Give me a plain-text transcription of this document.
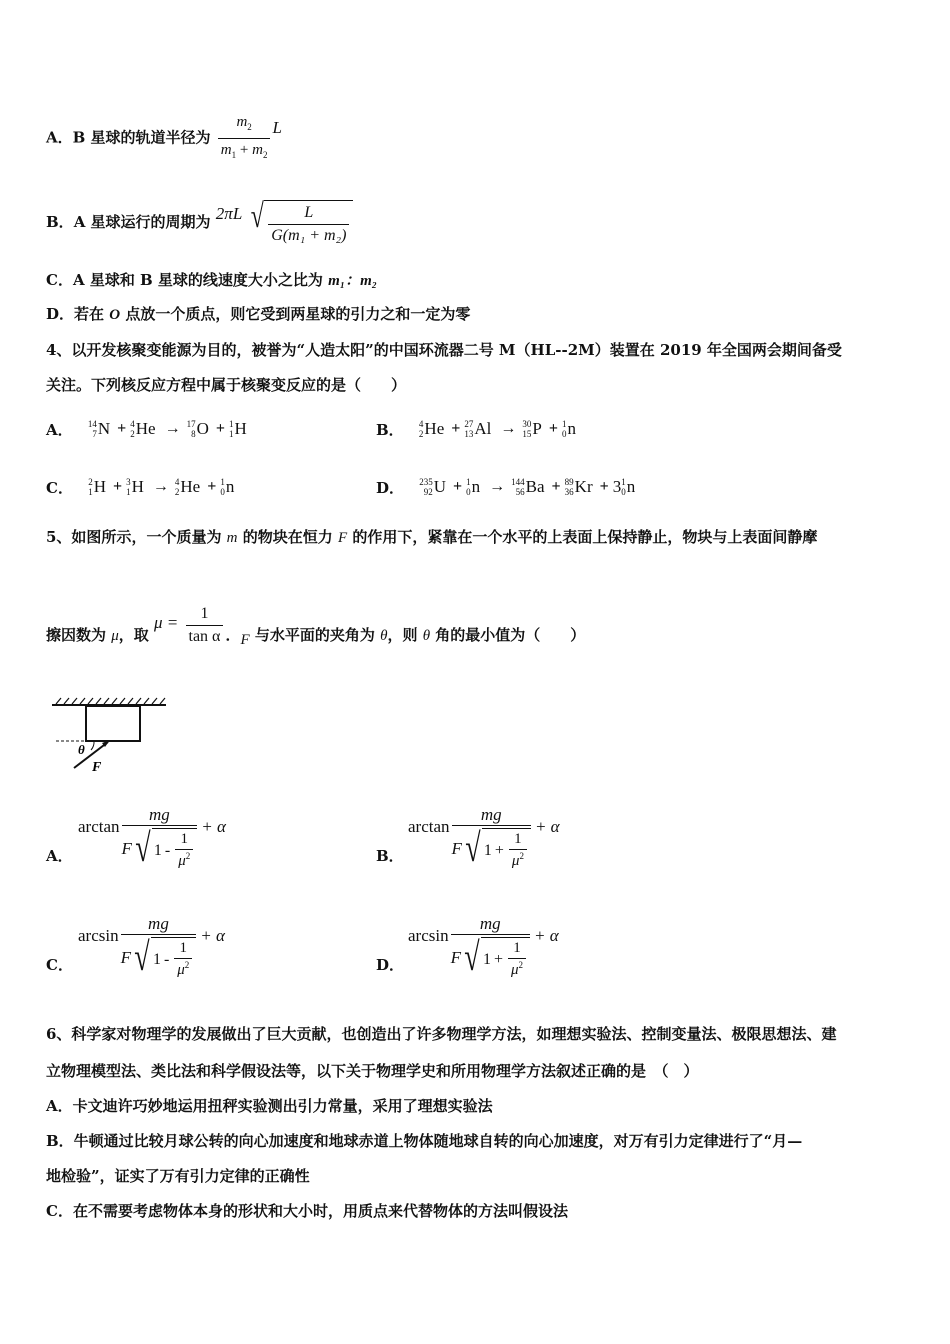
A．B 星球的轨道半径为 $\frac{m_2}{m_1 + m_2}$ L
B．A 星球运行的周期为 2πL √ $\frac{L}{\text{G(m₁ + m₂)}}$
C．A 星球和 B 星球的线速度大小之比为 m₁：m₂
D．若在 O 点放一个质点，则它受到两星球的引力之和一定为零
4、以开发核聚变能源为目的，被誉为“人造太阳”的中国环流器二号 M（HL--2M）装置在 2019 年全国两会期间备受
关注。下列核反应方程中属于核聚变反应的是（　　）
A． 14
7 N + 4
2 He → 17
8 O + 1
1 H	B． 4
2 He + 27
13 Al → 30
15 P + 1
0 n
C． 2
1 H + 3
1 H → 4
2 He + 1
0 n	D． 235
92 U + 1
0 n → 144
56 Ba + 89
36 Kr + 3 1
0 n
5、如图所示，一个质量为 m 的物块在恒力 F 的作用下，紧靠在一个水平的上表面上保持静止，物块与上表面间静摩
擦因数为 μ，取 $\mu = \frac{1}{\text{tan α}}$ ．F 与水平面的夹角为 θ，则 θ 角的最小值为（　　）
θ
F
A．
$\arctan \frac{mg}{F √ 1 - \frac{1}{\mu^2}} + \alpha$
B．
$\arctan \frac{mg}{F √ 1 + \frac{1}{\mu^2}} + \alpha$
C．
$\arcsin \frac{mg}{F √ 1 - \frac{1}{\mu^2}} + \alpha$
D．
$\arcsin \frac{mg}{F √ 1 + \frac{1}{\mu^2}} + \alpha$
6、科学家对物理学的发展做出了巨大贡献，也创造出了许多物理学方法，如理想实验法、控制变量法、极限思想法、建
立物理模型法、类比法和科学假设法等，以下关于物理学史和所用物理学方法叙述正确的是　（　）
A．卡文迪许巧妙地运用扭秤实验测出引力常量，采用了理想实验法
B．牛顿通过比较月球公转的向心加速度和地球赤道上物体随地球自转的向心加速度，对万有引力定律进行了“月—
地检验”，证实了万有引力定律的正确性
C．在不需要考虑物体本身的形状和大小时，用质点来代替物体的方法叫假设法
